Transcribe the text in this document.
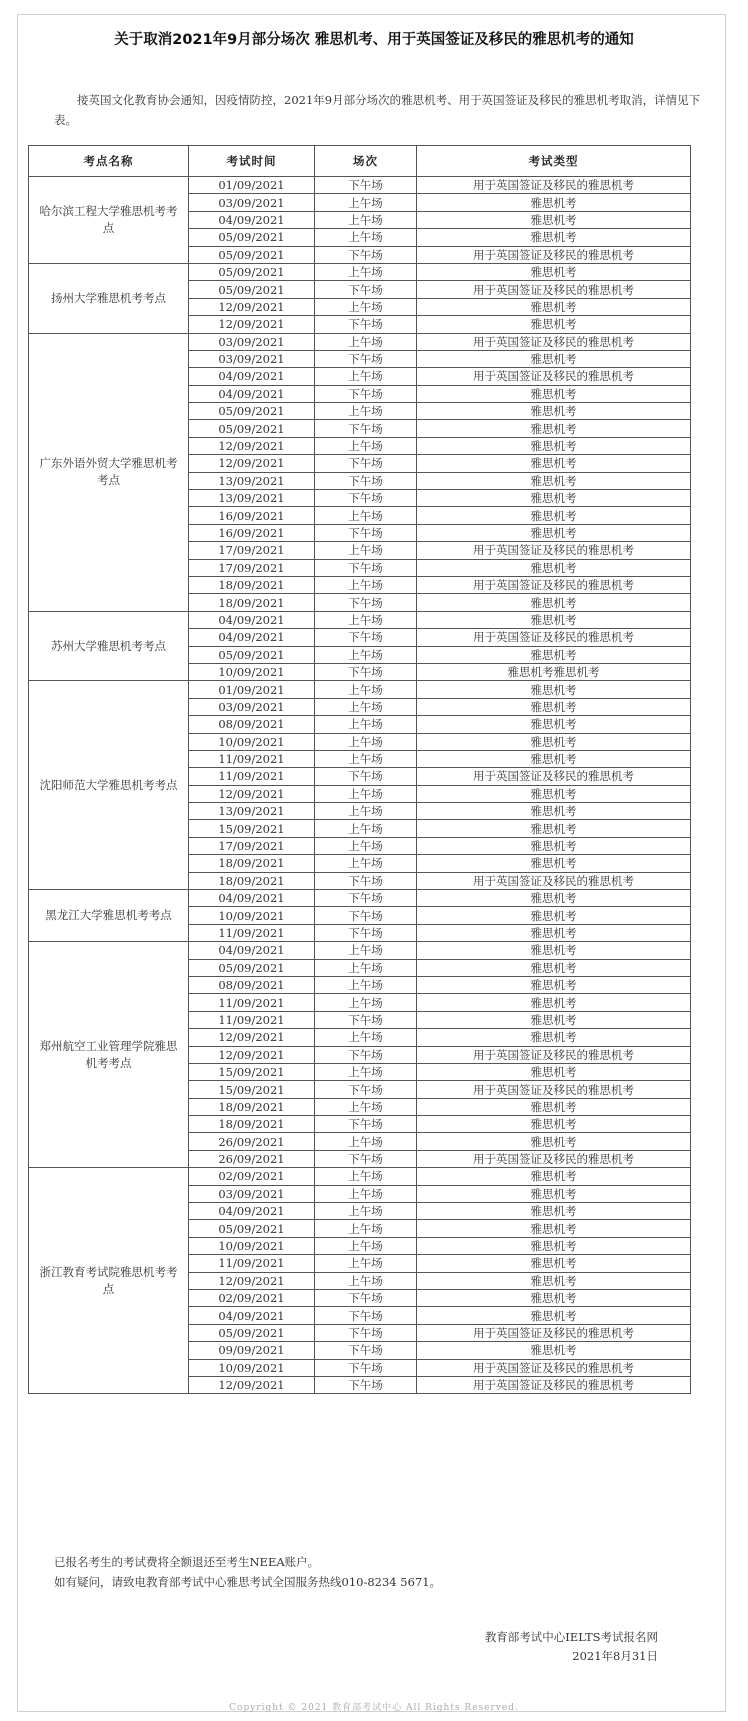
关于取消2021年9月部分场次 雅思机考、用于英国签证及移民的雅思机考的通知
接英国文化教育协会通知，因疫情防控，2021年9月部分场次的雅思机考、用于英国签证及移民的雅思机考取消，详情见下表。
考点名称	考试时间	场次	考试类型
哈尔滨工程大学雅思机考考点	01/09/2021	下午场	用于英国签证及移民的雅思机考
	03/09/2021	上午场	雅思机考
	04/09/2021	上午场	雅思机考
	05/09/2021	上午场	雅思机考
	05/09/2021	下午场	用于英国签证及移民的雅思机考
扬州大学雅思机考考点	05/09/2021	上午场	雅思机考
	05/09/2021	下午场	用于英国签证及移民的雅思机考
	12/09/2021	上午场	雅思机考
	12/09/2021	下午场	雅思机考
广东外语外贸大学雅思机考考点	03/09/2021	上午场	用于英国签证及移民的雅思机考
	03/09/2021	下午场	雅思机考
	04/09/2021	上午场	用于英国签证及移民的雅思机考
	04/09/2021	下午场	雅思机考
	05/09/2021	上午场	雅思机考
	05/09/2021	下午场	雅思机考
	12/09/2021	上午场	雅思机考
	12/09/2021	下午场	雅思机考
	13/09/2021	下午场	雅思机考
	13/09/2021	下午场	雅思机考
	16/09/2021	上午场	雅思机考
	16/09/2021	下午场	雅思机考
	17/09/2021	上午场	用于英国签证及移民的雅思机考
	17/09/2021	下午场	雅思机考
	18/09/2021	上午场	用于英国签证及移民的雅思机考
	18/09/2021	下午场	雅思机考
苏州大学雅思机考考点	04/09/2021	上午场	雅思机考
	04/09/2021	下午场	用于英国签证及移民的雅思机考
	05/09/2021	上午场	雅思机考
	10/09/2021	下午场	雅思机考雅思机考
沈阳师范大学雅思机考考点	01/09/2021	上午场	雅思机考
	03/09/2021	上午场	雅思机考
	08/09/2021	上午场	雅思机考
	10/09/2021	上午场	雅思机考
	11/09/2021	上午场	雅思机考
	11/09/2021	下午场	用于英国签证及移民的雅思机考
	12/09/2021	上午场	雅思机考
	13/09/2021	上午场	雅思机考
	15/09/2021	上午场	雅思机考
	17/09/2021	上午场	雅思机考
	18/09/2021	上午场	雅思机考
	18/09/2021	下午场	用于英国签证及移民的雅思机考
黑龙江大学雅思机考考点	04/09/2021	下午场	雅思机考
	10/09/2021	下午场	雅思机考
	11/09/2021	下午场	雅思机考
郑州航空工业管理学院雅思机考考点	04/09/2021	上午场	雅思机考
	05/09/2021	上午场	雅思机考
	08/09/2021	上午场	雅思机考
	11/09/2021	上午场	雅思机考
	11/09/2021	下午场	雅思机考
	12/09/2021	上午场	雅思机考
	12/09/2021	下午场	用于英国签证及移民的雅思机考
	15/09/2021	上午场	雅思机考
	15/09/2021	下午场	用于英国签证及移民的雅思机考
	18/09/2021	上午场	雅思机考
	18/09/2021	下午场	雅思机考
	26/09/2021	上午场	雅思机考
	26/09/2021	下午场	用于英国签证及移民的雅思机考
浙江教育考试院雅思机考考点	02/09/2021	上午场	雅思机考
	03/09/2021	上午场	雅思机考
	04/09/2021	上午场	雅思机考
	05/09/2021	上午场	雅思机考
	10/09/2021	上午场	雅思机考
	11/09/2021	上午场	雅思机考
	12/09/2021	上午场	雅思机考
	02/09/2021	下午场	雅思机考
	04/09/2021	下午场	雅思机考
	05/09/2021	下午场	用于英国签证及移民的雅思机考
	09/09/2021	下午场	雅思机考
	10/09/2021	下午场	用于英国签证及移民的雅思机考
	12/09/2021	下午场	用于英国签证及移民的雅思机考
已报名考生的考试费将全额退还至考生NEEA账户。
如有疑问，请致电教育部考试中心雅思考试全国服务热线010-8234 5671。
教育部考试中心IELTS考试报名网
2021年8月31日
Copyright © 2021 教育部考试中心 All Rights Reserved.
